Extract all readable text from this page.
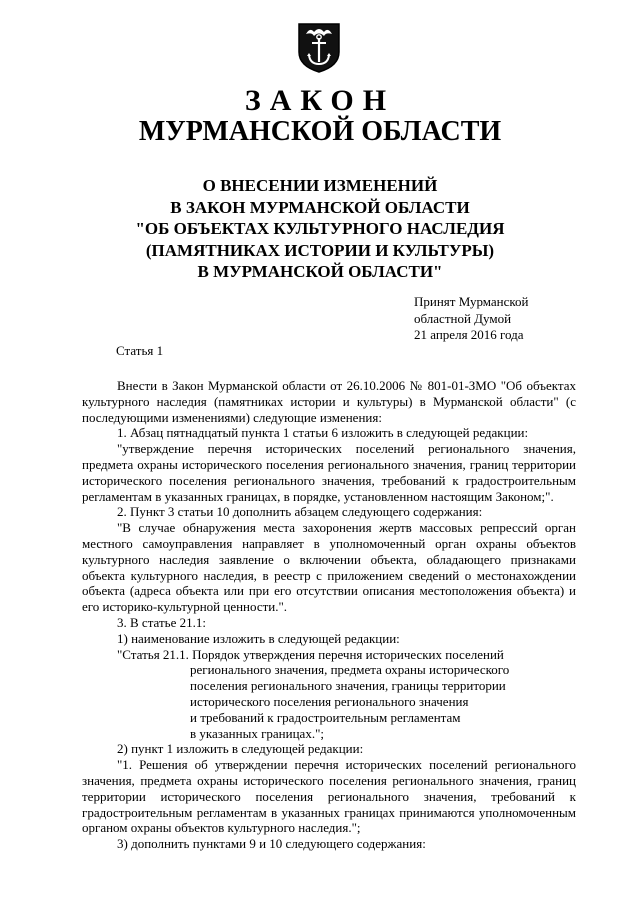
ЗАКОН
МУРМАНСКОЙ ОБЛАСТИ
О ВНЕСЕНИИ ИЗМЕНЕНИЙ
В ЗАКОН МУРМАНСКОЙ ОБЛАСТИ
"ОБ ОБЪЕКТАХ КУЛЬТУРНОГО НАСЛЕДИЯ
(ПАМЯТНИКАХ ИСТОРИИ И КУЛЬТУРЫ)
В МУРМАНСКОЙ ОБЛАСТИ"
Принят Мурманской
областной Думой
21 апреля 2016 года
Статья 1

Внести в Закон Мурманской области от 26.10.2006 № 801-01-ЗМО "Об объектах культурного наследия (памятниках истории и культуры) в Мурманской области" (с последующими изменениями) следующие изменения:

1. Абзац пятнадцатый пункта 1 статьи 6 изложить в следующей редакции:

"утверждение перечня исторических поселений регионального значения, предмета охраны исторического поселения регионального значения, границ территории исторического поселения регионального значения, требований к градостроительным регламентам в указанных границах, в порядке, установленном настоящим Законом;".

2. Пункт 3 статьи 10 дополнить абзацем следующего содержания:

"В случае обнаружения места захоронения жертв массовых репрессий орган местного самоуправления направляет в уполномоченный орган охраны объектов культурного наследия заявление о включении объекта, обладающего признаками объекта культурного наследия, в реестр с приложением сведений о местонахождении объекта (адреса объекта или при его отсутствии описания местоположения объекта) и его историко-культурной ценности.".

3. В статье 21.1:

1) наименование изложить в следующей редакции:

"Статья 21.1. Порядок утверждения перечня исторических поселений

регионального значения, предмета охраны исторического

поселения регионального значения, границы территории

исторического поселения регионального значения

и требований к градостроительным регламентам

в указанных границах.";

2) пункт 1 изложить в следующей редакции:

"1. Решения об утверждении перечня исторических поселений регионального значения, предмета охраны исторического поселения регионального значения, границ территории исторического поселения регионального значения, требований к градостроительным регламентам в указанных границах принимаются уполномоченным органом охраны объектов культурного наследия.";

3) дополнить пунктами 9 и 10 следующего содержания:
